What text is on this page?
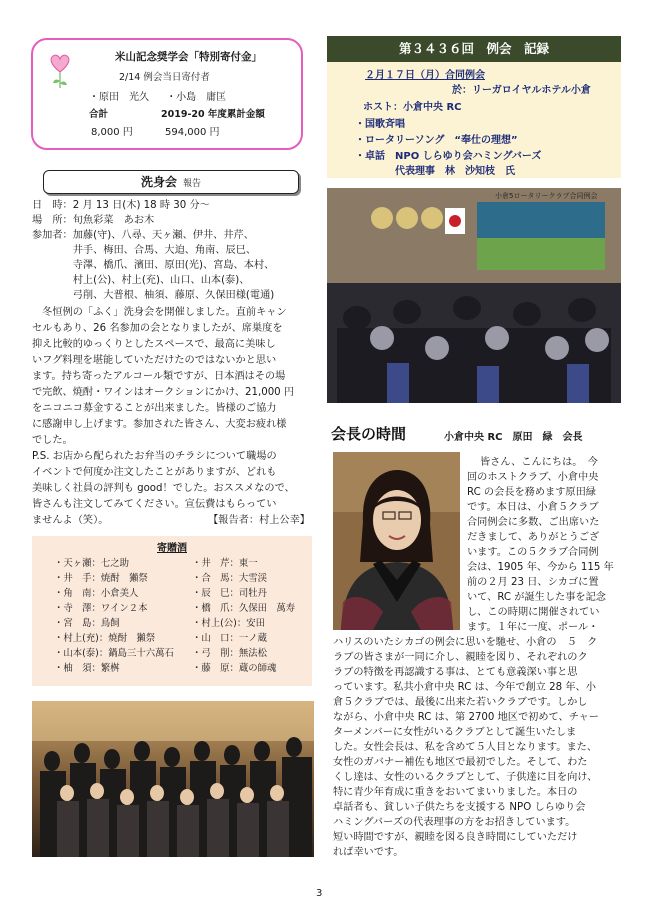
米山記念奨学会「特別寄付金」
2/14 例会当日寄付者
・原田　光久 ・小島　庸匡
合計	2019-20 年度累計金額
8,000 円	594,000 円
洗身会 報告
日　時：2 月 13 日(木) 18 時 30 分～
場　所：旬魚彩菜　あお木
参加者：加藤(守)、八尋、天ヶ瀬、伊井、井芹、
　　　　井手、梅田、合馬、大迫、角南、辰巳、
　　　　寺澤、橋爪、濱田、原田(光)、宮島、本村、
　　　　村上(公)、村上(充)、山口、山本(泰)、
　　　　弓削、大普根、柚須、藤原、久保田様(電通)
　冬恒例の「ふく」洗身会を開催しました。直前キャン
セルもあり、26 名参加の会となりましたが、席巣度を
抑え比較的ゆっくりとしたスペースで、最高に美味し
いフグ料理を堪能していただけたのではないかと思い
ます。持ち寄ったアルコール類ですが、日本酒はその場
で完飲、焼酎・ワインはオークションにかけ、21,000 円
をニコニコ募金することが出来ました。皆様のご協力
に感謝申し上げます。参加された皆さん、大変お疲れ様
でした。
P.S. お店から配られたお弁当のチラシについて職場の
イベントで何度か注文したことがありますが、どれも
美味しく社員の評判も good！でした。おススメなので、
皆さんも注文してみてください。宣伝費はもらってい
ませんよ（笑）。	【報告者：村上公幸】
寄贈酒
・天ヶ瀬：七之助
・井　手：焼酎　獺祭
・角　南：小倉美人
・寺　澤：ワイン２本
・宮　島：鳥飼
・村上(充)：焼酎　獺祭
・山本(泰)：鍋島三十六萬石
・柚　須：繁桝
・井　芹：東一
・合　馬：大雪渓
・辰　巳：司牡丹
・橋　爪：久保田　萬寿
・村上(公)：安田
・山　口：一ノ蔵
・弓　削：無法松
・藤　原：蔵の師魂
第３４３６回　例会　記録
２月１７日（月）合同例会
於：リーガロイヤルホテル小倉
ホスト：小倉中央 RC
・国歌斉唱
・ロータリーソング　“奉仕の理想”
・卓話　NPO しらゆり会ハミングバーズ
　　　　代表理事　林　沙知枝　氏
小倉5ロータリークラブ合同例会
会長の時間	小倉中央 RC　原田　緑　会長
皆さん、こんにちは。　今
回のホストクラブ、小倉中央
RC の会長を務めます原田緑
です。本日は、小倉５クラブ
合同例会に多数、ご出席いた
だきまして、ありがとうござ
います。この５クラブ合同例
会は、1905 年、今から 115 年
前の２月 23 日、シカゴに置
いて、RC が誕生した事を記念
し、この時期に開催されてい
ます。１年に一度、ポール・
ハリスのいたシカゴの例会に思いを馳せ、小倉の　５　ク
ラブの皆さまが一同に介し、親睦を図り、それぞれのク
ラブの特徴を再認識する事は、とても意義深い事と思
っています。私共小倉中央 RC は、今年で創立 28 年、小
倉５クラブでは、最後に出来た若いクラブです。しかし
ながら、小倉中央 RC は、第 2700 地区で初めて、チャー
ターメンバーに女性がいるクラブとして誕生いたしま
した。女性会長は、私を含めて５人目となります。また、
女性のガバナー補佐も地区で最初でした。そして、わた
くし達は、女性のいるクラブとして、子供達に目を向け、
特に青少年育成に重きをおいてまいりました。本日の
卓話者も、貧しい子供たちを支援する NPO しらゆり会
ハミングバーズの代表理事の方をお招きしています。
短い時間ですが、親睦を図る良き時間にしていただけ
れば幸いです。
3
